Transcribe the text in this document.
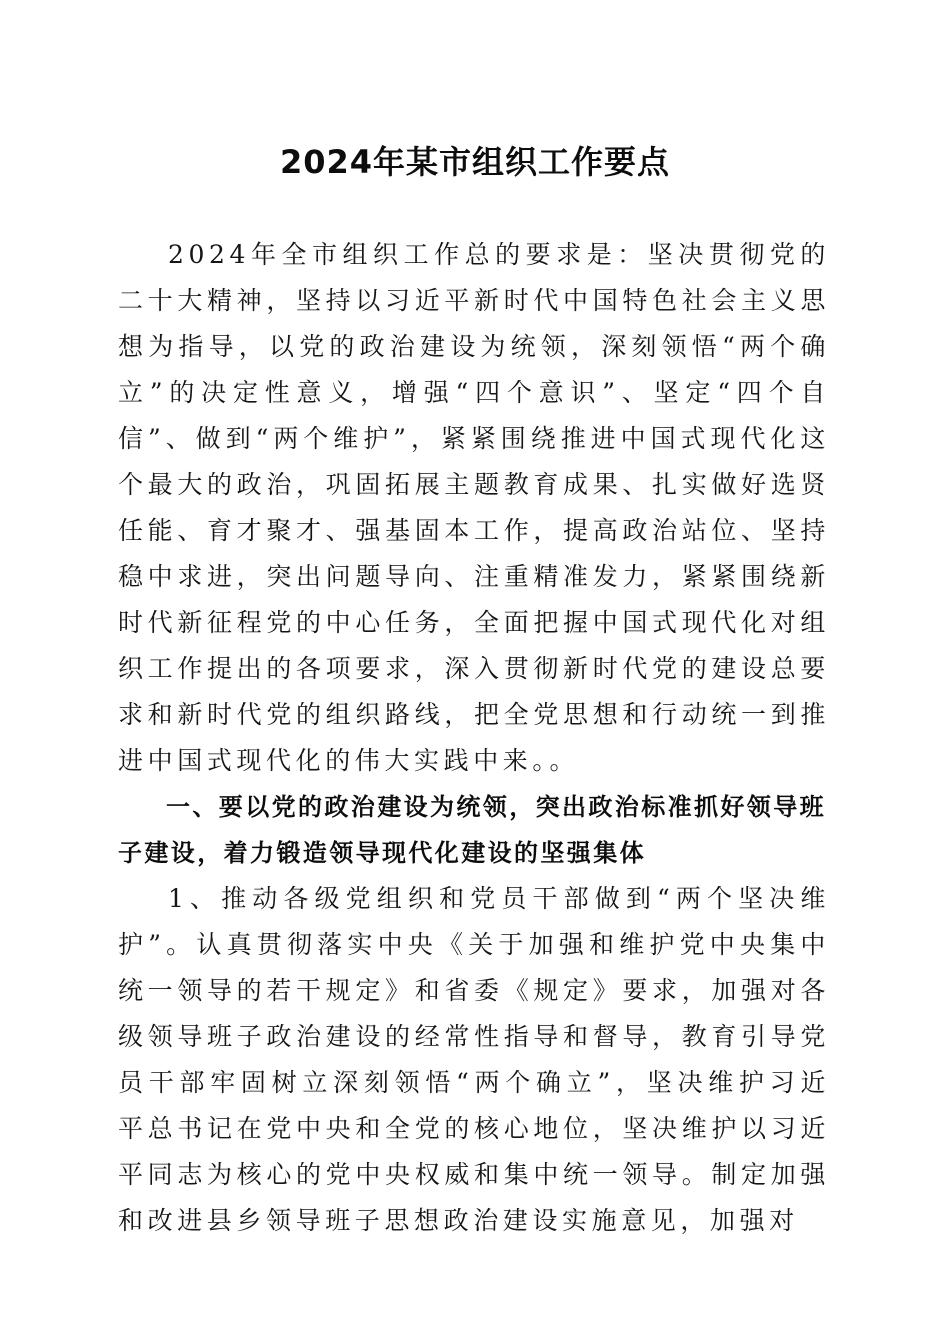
2024年某市组织工作要点

2024年全市组织工作总的要求是：坚决贯彻党的二十大精神，坚持以习近平新时代中国特色社会主义思想为指导，以党的政治建设为统领，深刻领悟“两个确立”的决定性意义，增强“四个意识”、坚定“四个自信”、做到“两个维护”，紧紧围绕推进中国式现代化这个最大的政治，巩固拓展主题教育成果、扎实做好选贤任能、育才聚才、强基固本工作，提高政治站位、坚持稳中求进，突出问题导向、注重精准发力，紧紧围绕新时代新征程党的中心任务，全面把握中国式现代化对组织工作提出的各项要求，深入贯彻新时代党的建设总要求和新时代党的组织路线，把全党思想和行动统一到推进中国式现代化的伟大实践中来。。

一、要以党的政治建设为统领，突出政治标准抓好领导班子建设，着力锻造领导现代化建设的坚强集体

1、推动各级党组织和党员干部做到“两个坚决维护”。认真贯彻落实中央《关于加强和维护党中央集中统一领导的若干规定》和省委《规定》要求，加强对各级领导班子政治建设的经常性指导和督导，教育引导党员干部牢固树立深刻领悟“两个确立”，坚决维护习近平总书记在党中央和全党的核心地位，坚决维护以习近平同志为核心的党中央权威和集中统一领导。制定加强和改进县乡领导班子思想政治建设实施意见，加强对
